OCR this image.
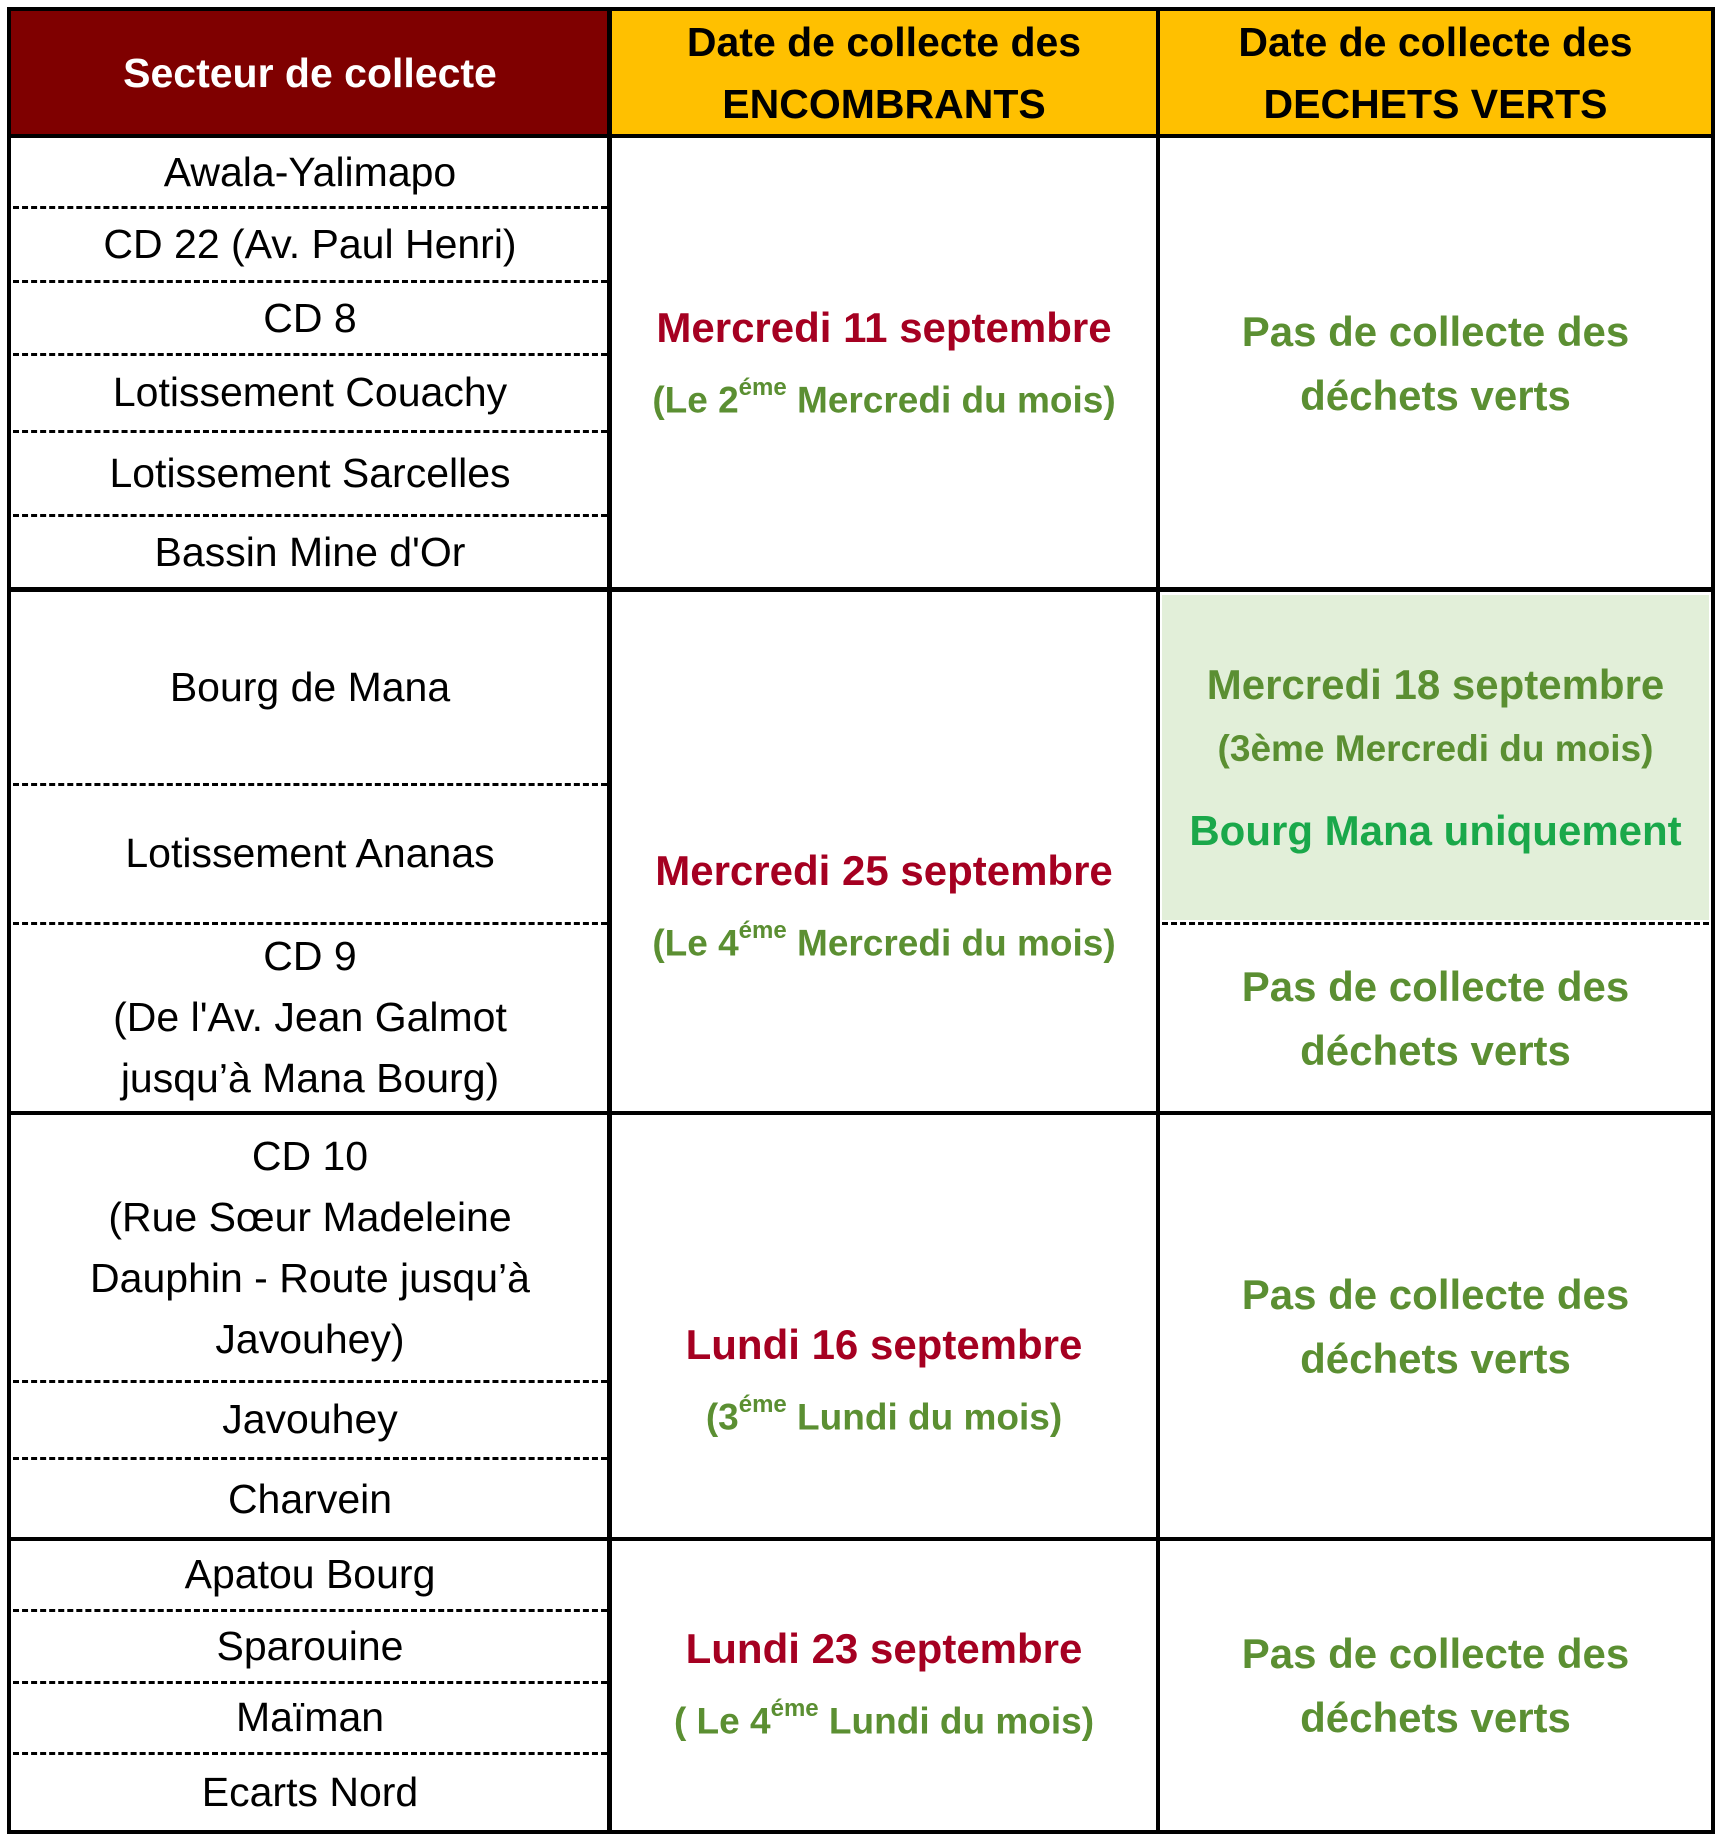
Secteur de collecte
Date de collecte des
ENCOMBRANTS
Date de collecte des
DECHETS VERTS
Awala-Yalimapo
CD 22 (Av. Paul Henri)
CD 8
Lotissement Couachy
Lotissement Sarcelles
Bassin Mine d'Or
Mercredi 11 septembre
(Le $2^{éme}$ Mercredi du mois)
Pas de collecte des
déchets verts
Bourg de Mana
Lotissement Ananas
CD 9
(De l'Av. Jean Galmot
jusqu’à Mana Bourg)
Mercredi 25 septembre
(Le $4^{éme}$ Mercredi du mois)
Mercredi 18 septembre
(3ème Mercredi du mois)
Bourg Mana uniquement
Pas de collecte des
déchets verts
CD 10
(Rue Sœur Madeleine
Dauphin - Route jusqu’à
Javouhey)
Javouhey
Charvein
Lundi 16 septembre
($3^{éme}$ Lundi du mois)
Pas de collecte des
déchets verts
Apatou Bourg
Sparouine
Maïman
Ecarts Nord
Lundi 23 septembre
( Le $4^{éme}$ Lundi du mois)
Pas de collecte des
déchets verts
